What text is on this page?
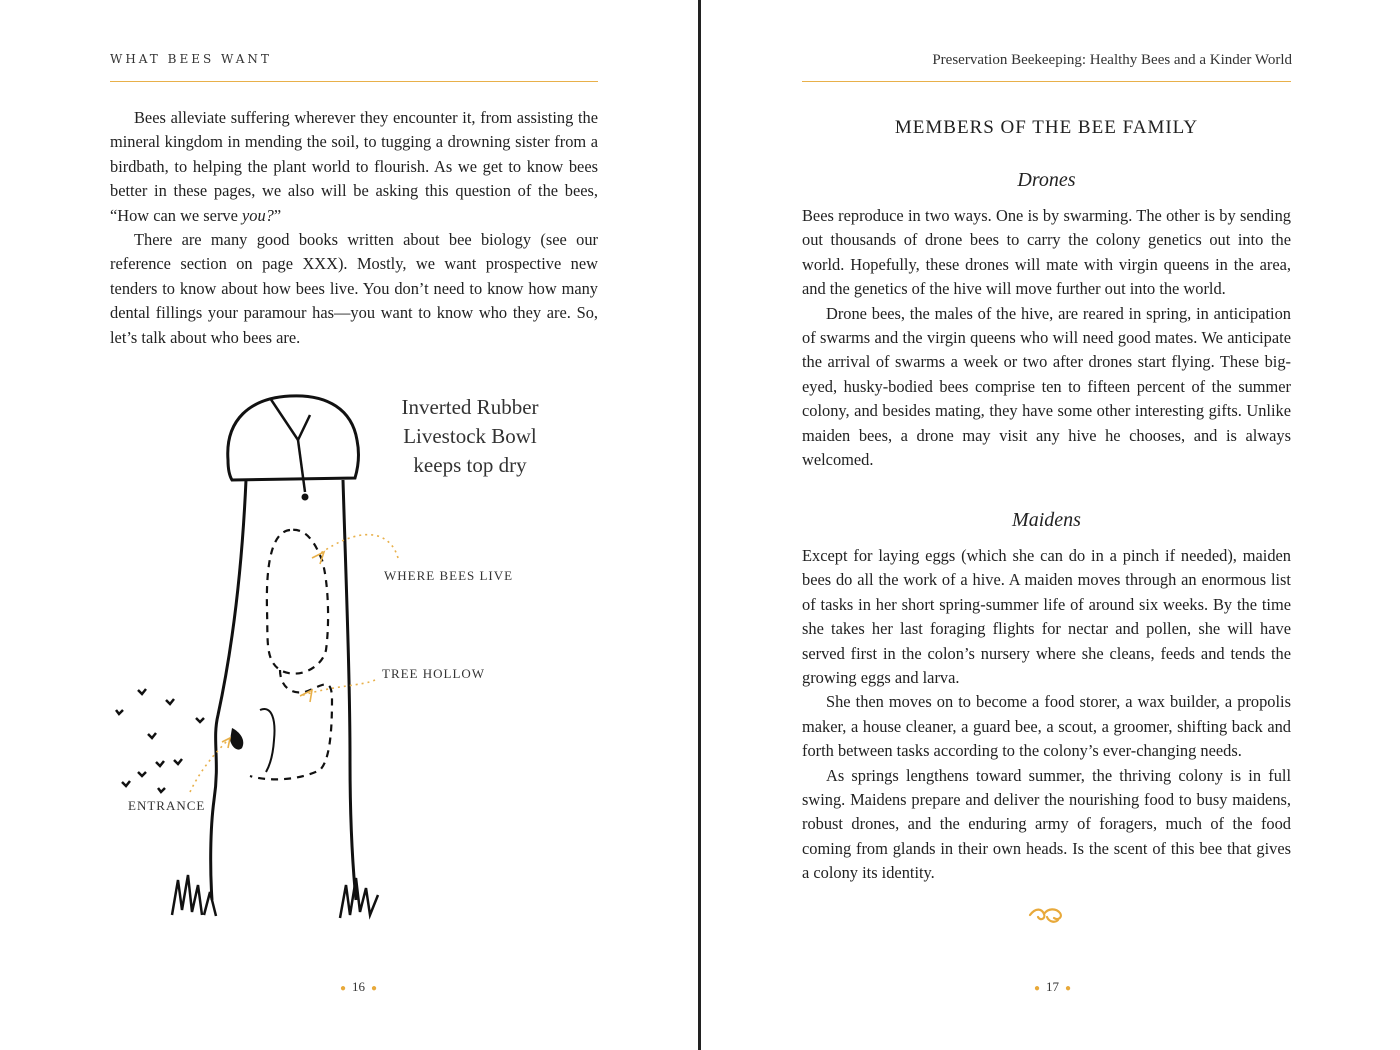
WHAT BEES WANT

Bees alleviate suffering wherever they encounter it, from assisting the mineral kingdom in mending the soil, to tugging a drowning sister from a birdbath, to helping the plant world to flourish. As we get to know bees better in these pages, we also will be asking this question of the bees, “How can we serve you?”

There are many good books written about bee biology (see our reference section on page XXX). Mostly, we want prospective new tenders to know about how bees live. You don’t need to know how many dental fillings your paramour has—you want to know who they are. So, let’s talk about who bees are.

Inverted Rubber
Livestock Bowl
keeps top dry
WHERE BEES LIVE
TREE HOLLOW
ENTRANCE
● 16 ●
Preservation Beekeeping: Healthy Bees and a Kinder World
MEMBERS OF THE BEE FAMILY
Drones

Bees reproduce in two ways. One is by swarming. The other is by sending out thousands of drone bees to carry the colony genetics out into the world. Hopefully, these drones will mate with virgin queens in the area, and the genetics of the hive will move further out into the world.

Drone bees, the males of the hive, are reared in spring, in anticipation of swarms and the virgin queens who will need good mates. We anticipate the arrival of swarms a week or two after drones start flying. These big-eyed, husky-bodied bees comprise ten to fifteen percent of the summer colony, and besides mating, they have some other interesting gifts. Unlike maiden bees, a drone may visit any hive he chooses, and is always welcomed.

Maidens

Except for laying eggs (which she can do in a pinch if needed), maiden bees do all the work of a hive. A maiden moves through an enormous list of tasks in her short spring-summer life of around six weeks. By the time she takes her last foraging flights for nectar and pollen, she will have served first in the colon’s nursery where she cleans, feeds and tends the growing eggs and larva.

She then moves on to become a food storer, a wax builder, a propolis maker, a house cleaner, a guard bee, a scout, a groomer, shifting back and forth between tasks according to the colony’s ever-changing needs.

As springs lengthens toward summer, the thriving colony is in full swing. Maidens prepare and deliver the nourishing food to busy maidens, robust drones, and the enduring army of foragers, much of the food coming from glands in their own heads. Is the scent of this bee that gives a colony its identity.

● 17 ●
